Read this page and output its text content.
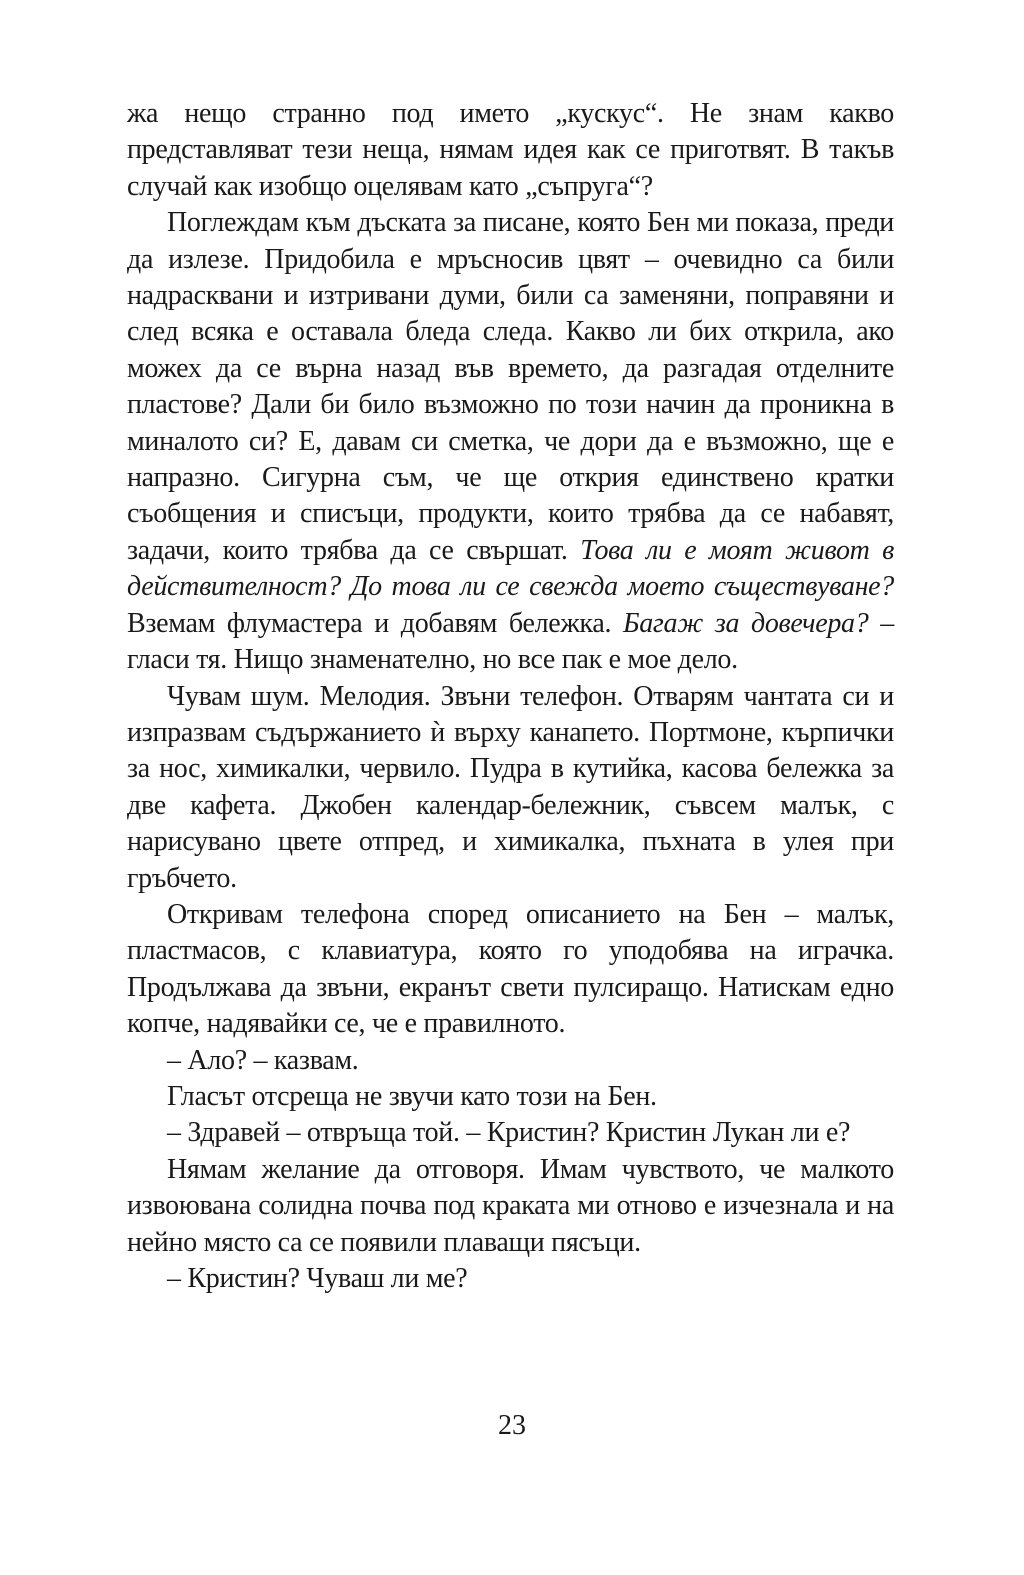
жа нещо странно под името „кускус“. Не знам какво представляват тези неща, нямам идея как се приготвят. В такъв случай как изобщо оцелявам като „съпруга“?

Поглеждам към дъската за писане, която Бен ми показа, преди да излезе. Придобила е мръсносив цвят – очевидно са били надрасквани и изтривани думи, били са заменяни, поправяни и след всяка е оставала бледа следа. Какво ли бих открила, ако можех да се върна назад във времето, да разгадая отделните пластове? Дали би било възможно по този начин да проникна в миналото си? Е, давам си сметка, че дори да е възможно, ще е напразно. Сигурна съм, че ще открия единствено кратки съобщения и списъци, продукти, които трябва да се набавят, задачи, които трябва да се свършат. Това ли е моят живот в действителност? До това ли се свежда моето съществуване? Вземам флумастера и добавям бележка. Багаж за довечера? – гласи тя. Нищо знаменателно, но все пак е мое дело.

Чувам шум. Мелодия. Звъни телефон. Отварям чантата си и изпразвам съдържанието ѝ върху канапето. Портмоне, кърпички за нос, химикалки, червило. Пудра в кутийка, касова бележка за две кафета. Джобен календар-бележник, съвсем малък, с нарисувано цвете отпред, и химикалка, пъхната в улея при гръбчето.

Откривам телефона според описанието на Бен – малък, пластмасов, с клавиатура, която го уподобява на играчка. Продължава да звъни, екранът свети пулсиращо. Натискам едно копче, надявайки се, че е правилното.

– Ало? – казвам.

Гласът отсреща не звучи като този на Бен.

– Здравей – отвръща той. – Кристин? Кристин Лукан ли е?

Нямам желание да отговоря. Имам чувството, че малкото извоювана солидна почва под краката ми отново е изчезнала и на нейно място са се появили плаващи пясъци.

– Кристин? Чуваш ли ме?

23
